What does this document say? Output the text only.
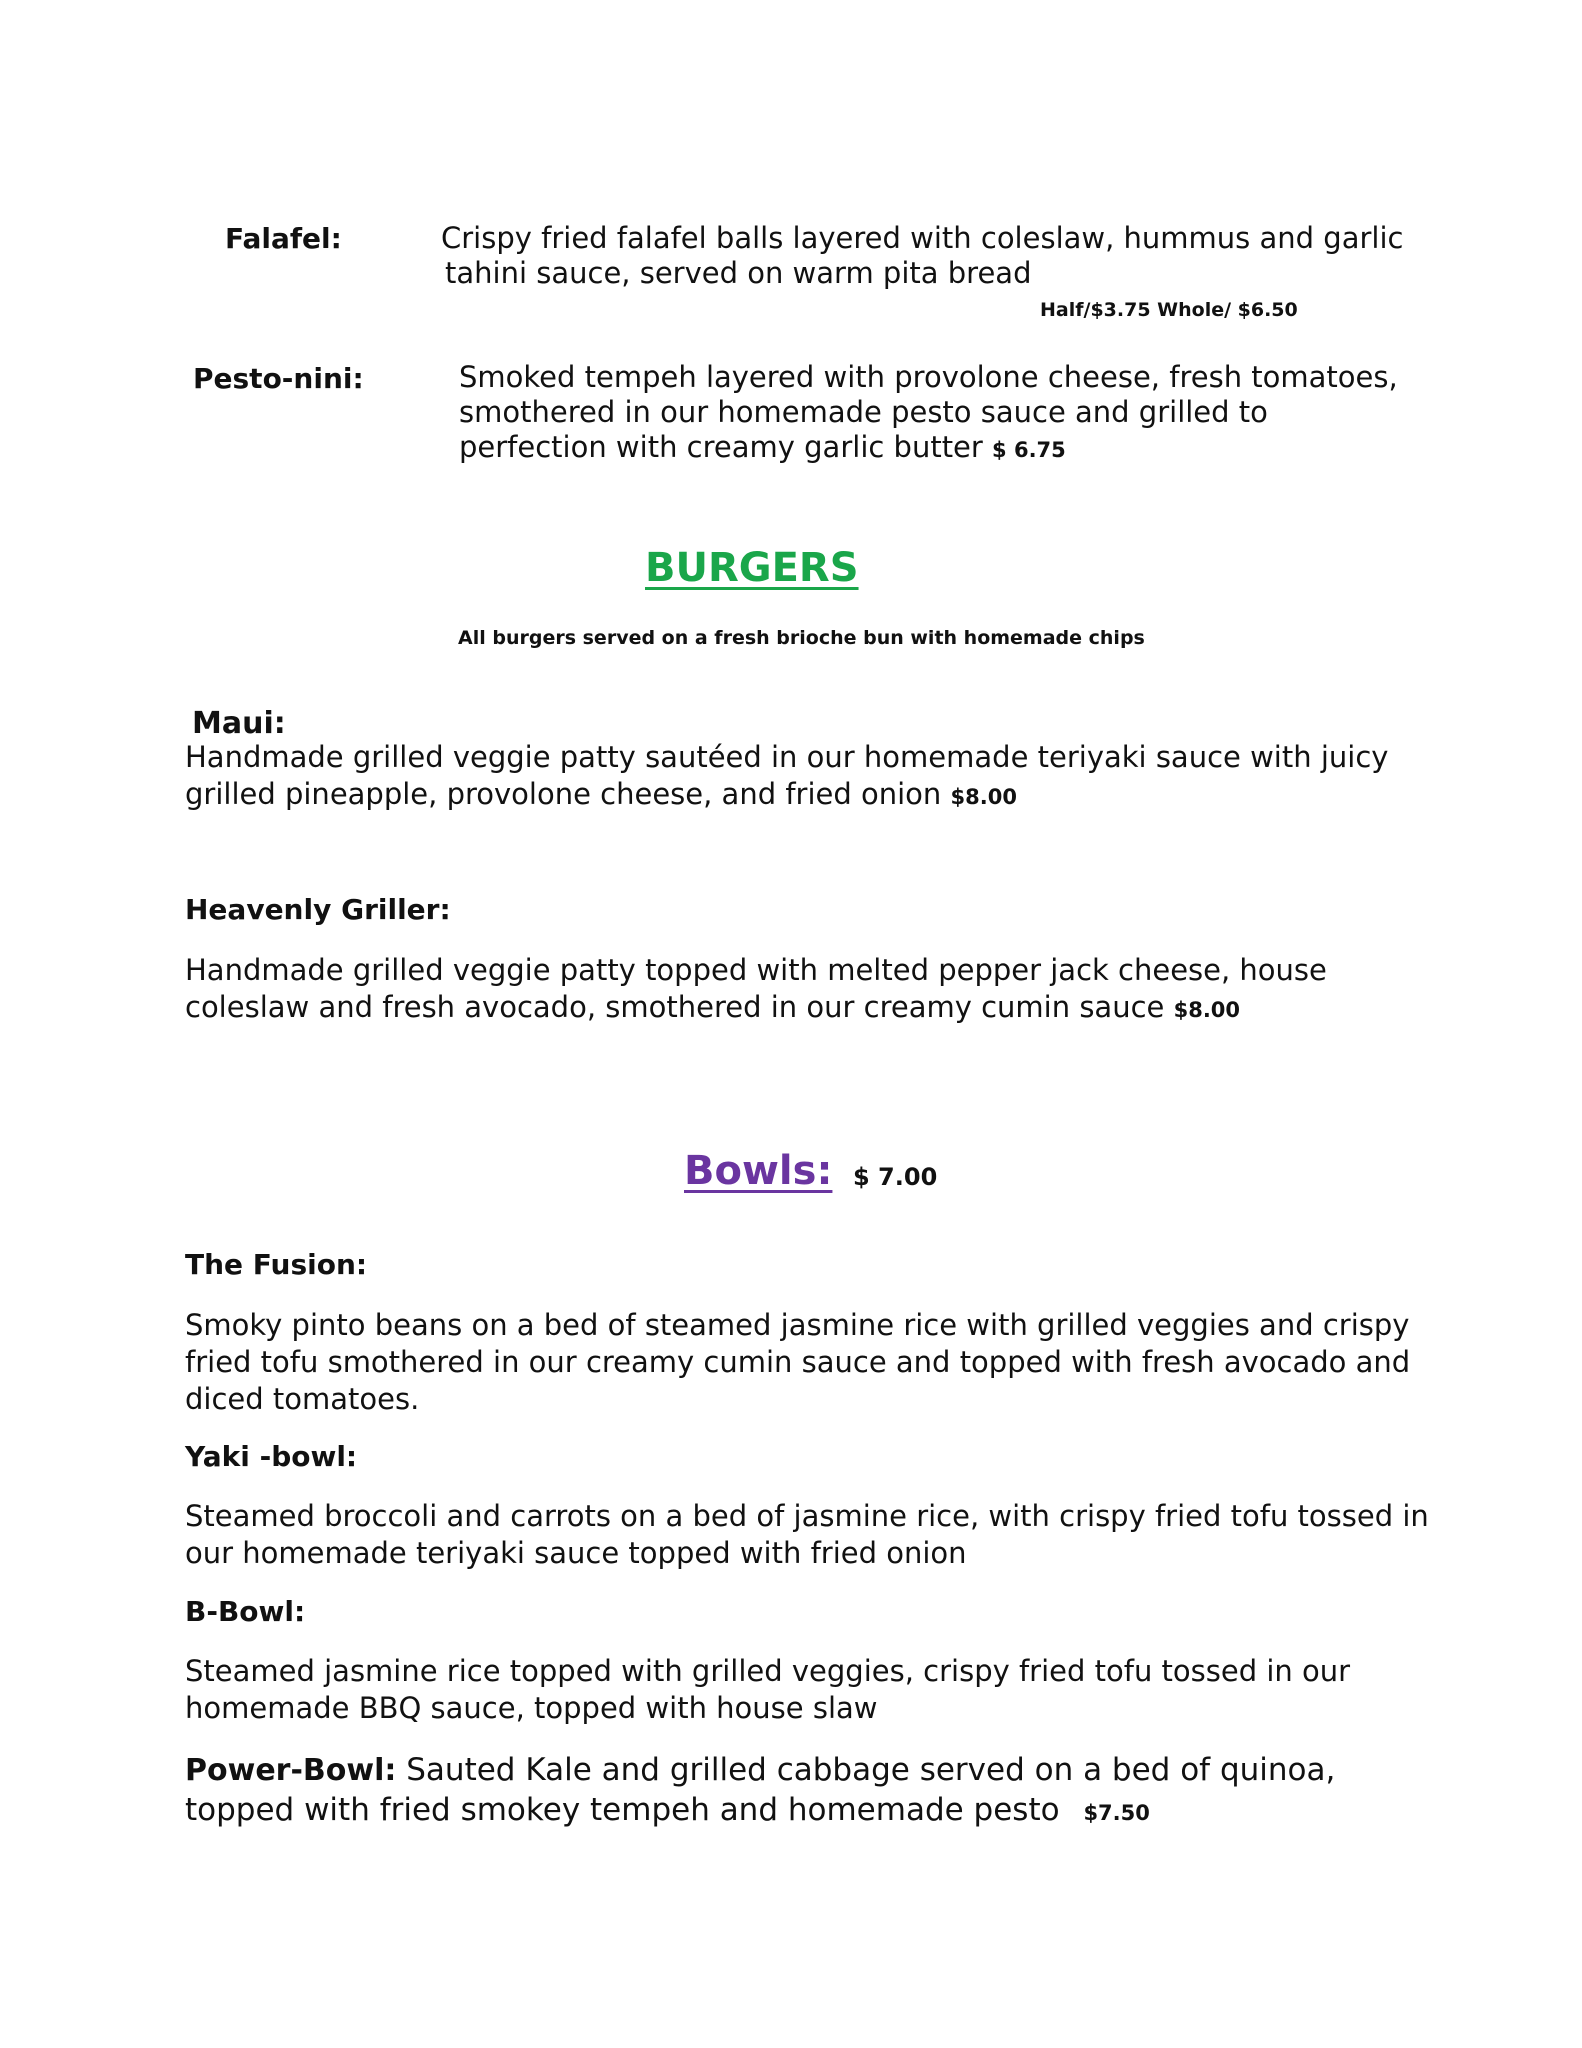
Falafel:	Crispy fried falafel balls layered with coleslaw, hummus and garlic
tahini sauce, served on warm pita bread
Half/$3.75 Whole/ $6.50
Pesto-nini:	Smoked tempeh layered with provolone cheese, fresh tomatoes,
smothered in our homemade pesto sauce and grilled to
perfection with creamy garlic butter $ 6.75
BURGERS
All burgers served on a fresh brioche bun with homemade chips
Maui:
Handmade grilled veggie patty sautéed in our homemade teriyaki sauce with juicy
grilled pineapple, provolone cheese, and fried onion $8.00
Heavenly Griller:
Handmade grilled veggie patty topped with melted pepper jack cheese, house
coleslaw and fresh avocado, smothered in our creamy cumin sauce $8.00
Bowls: $ 7.00
The Fusion:
Smoky pinto beans on a bed of steamed jasmine rice with grilled veggies and crispy
fried tofu smothered in our creamy cumin sauce and topped with fresh avocado and
diced tomatoes.
Yaki -bowl:
Steamed broccoli and carrots on a bed of jasmine rice, with crispy fried tofu tossed in
our homemade teriyaki sauce topped with fried onion
B-Bowl:
Steamed jasmine rice topped with grilled veggies, crispy fried tofu tossed in our
homemade BBQ sauce, topped with house slaw
Power-Bowl: Sauted Kale and grilled cabbage served on a bed of quinoa,
topped with fried smokey tempeh and homemade pesto $7.50
